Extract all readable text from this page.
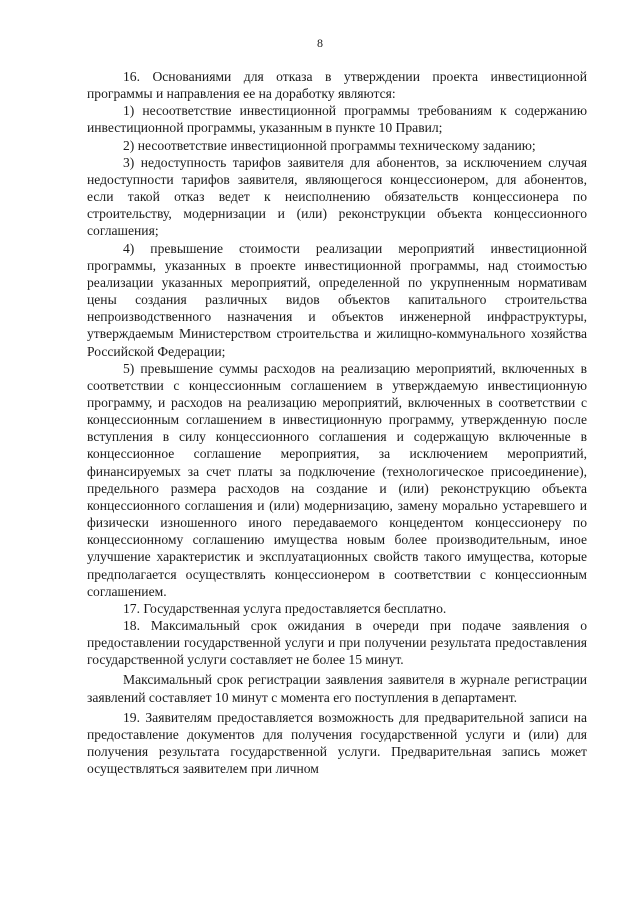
8

16. Основаниями для отказа в утверждении проекта инвестиционной программы и направления ее на доработку являются:

1) несоответствие инвестиционной программы требованиям к содержанию инвестиционной программы, указанным в пункте 10 Правил;

2) несоответствие инвестиционной программы техническому заданию;

3) недоступность тарифов заявителя для абонентов, за исключением случая недоступности тарифов заявителя, являющегося концессионером, для абонентов, если такой отказ ведет к неисполнению обязательств концессионера по строительству, модернизации и (или) реконструкции объекта концессионного соглашения;

4) превышение стоимости реализации мероприятий инвестиционной программы, указанных в проекте инвестиционной программы, над стоимостью реализации указанных мероприятий, определенной по укрупненным нормативам цены создания различных видов объектов капитального строительства непроизводственного назначения и объектов инженерной инфраструктуры, утверждаемым Министерством строительства и жилищно-коммунального хозяйства Российской Федерации;

5) превышение суммы расходов на реализацию мероприятий, включенных в соответствии с концессионным соглашением в утверждаемую инвестиционную программу, и расходов на реализацию мероприятий, включенных в соответствии с концессионным соглашением в инвестиционную программу, утвержденную после вступления в силу концессионного соглашения и содержащую включенные в концессионное соглашение мероприятия, за исключением мероприятий, финансируемых за счет платы за подключение (технологическое присоединение), предельного размера расходов на создание и (или) реконструкцию объекта концессионного соглашения и (или) модернизацию, замену морально устаревшего и физически изношенного иного передаваемого концедентом концессионеру по концессионному соглашению имущества новым более производительным, иное улучшение характеристик и эксплуатационных свойств такого имущества, которые предполагается осуществлять концессионером в соответствии с концессионным соглашением.

17. Государственная услуга предоставляется бесплатно.

18. Максимальный срок ожидания в очереди при подаче заявления о предоставлении государственной услуги и при получении результата предоставления государственной услуги составляет не более 15 минут.

Максимальный срок регистрации заявления заявителя в журнале регистрации заявлений составляет 10 минут с момента его поступления в департамент.

19. Заявителям предоставляется возможность для предварительной записи на предоставление документов для получения государственной услуги и (или) для получения результата государственной услуги. Предварительная запись может осуществляться заявителем при личном
